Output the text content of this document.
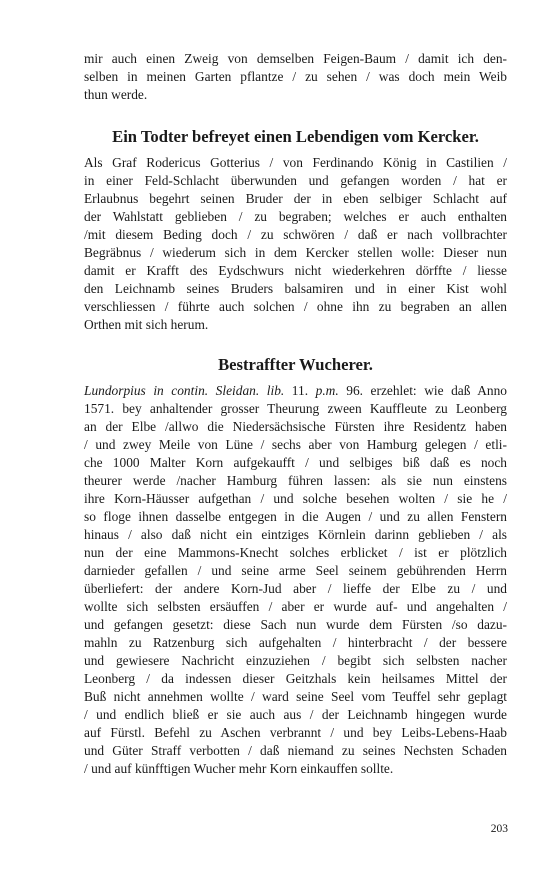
mir auch einen Zweig von demselben Feigen-Baum / damit ich den-
selben in meinen Garten pflantze / zu sehen / was doch mein Weib
thun werde.

Ein Todter befreyet einen Lebendigen vom Kercker.

Als Graf Rodericus Gotterius / von Ferdinando König in Castilien /
in einer Feld-Schlacht überwunden und gefangen worden / hat er
Erlaubnus begehrt seinen Bruder der in eben selbiger Schlacht auf
der Wahlstatt geblieben / zu begraben; welches er auch enthalten
/mit diesem Beding doch / zu schwören / daß er nach vollbrachter
Begräbnus / wiederum sich in dem Kercker stellen wolle: Dieser nun
damit er Krafft des Eydschwurs nicht wiederkehren dörffte / liesse
den Leichnamb seines Bruders balsamiren und in einer Kist wohl
verschliessen / führte auch solchen / ohne ihn zu begraben an allen
Orthen mit sich herum.

Bestraffter Wucherer.

Lundorpius in contin. Sleidan. lib. 11. p.m. 96. erzehlet: wie daß Anno
1571. bey anhaltender grosser Theurung zween Kauffleute zu Leonberg
an der Elbe /allwo die Niedersächsische Fürsten ihre Residentz haben
/ und zwey Meile von Lüne / sechs aber von Hamburg gelegen / etli-
che 1000 Malter Korn aufgekaufft / und selbiges biß daß es noch
theurer werde /nacher Hamburg führen lassen: als sie nun einstens
ihre Korn-Häusser aufgethan / und solche besehen wolten / sie he /
so floge ihnen dasselbe entgegen in die Augen / und zu allen Fenstern
hinaus / also daß nicht ein eintziges Körnlein darinn geblieben / als
nun der eine Mammons-Knecht solches erblicket / ist er plötzlich
darnieder gefallen / und seine arme Seel seinem gebührenden Herrn
überliefert: der andere Korn-Jud aber / lieffe der Elbe zu / und
wollte sich selbsten ersäuffen / aber er wurde auf- und angehalten /
und gefangen gesetzt: diese Sach nun wurde dem Fürsten /so dazu-
mahln zu Ratzenburg sich aufgehalten / hinterbracht / der bessere
und gewiesere Nachricht einzuziehen / begibt sich selbsten nacher
Leonberg / da indessen dieser Geitzhals kein heilsames Mittel der
Buß nicht annehmen wollte / ward seine Seel vom Teuffel sehr geplagt
/ und endlich bließ er sie auch aus / der Leichnamb hingegen wurde
auf Fürstl. Befehl zu Aschen verbrannt / und bey Leibs-Lebens-Haab
und Güter Straff verbotten / daß niemand zu seines Nechsten Schaden
/ und auf künfftigen Wucher mehr Korn einkauffen sollte.

203
